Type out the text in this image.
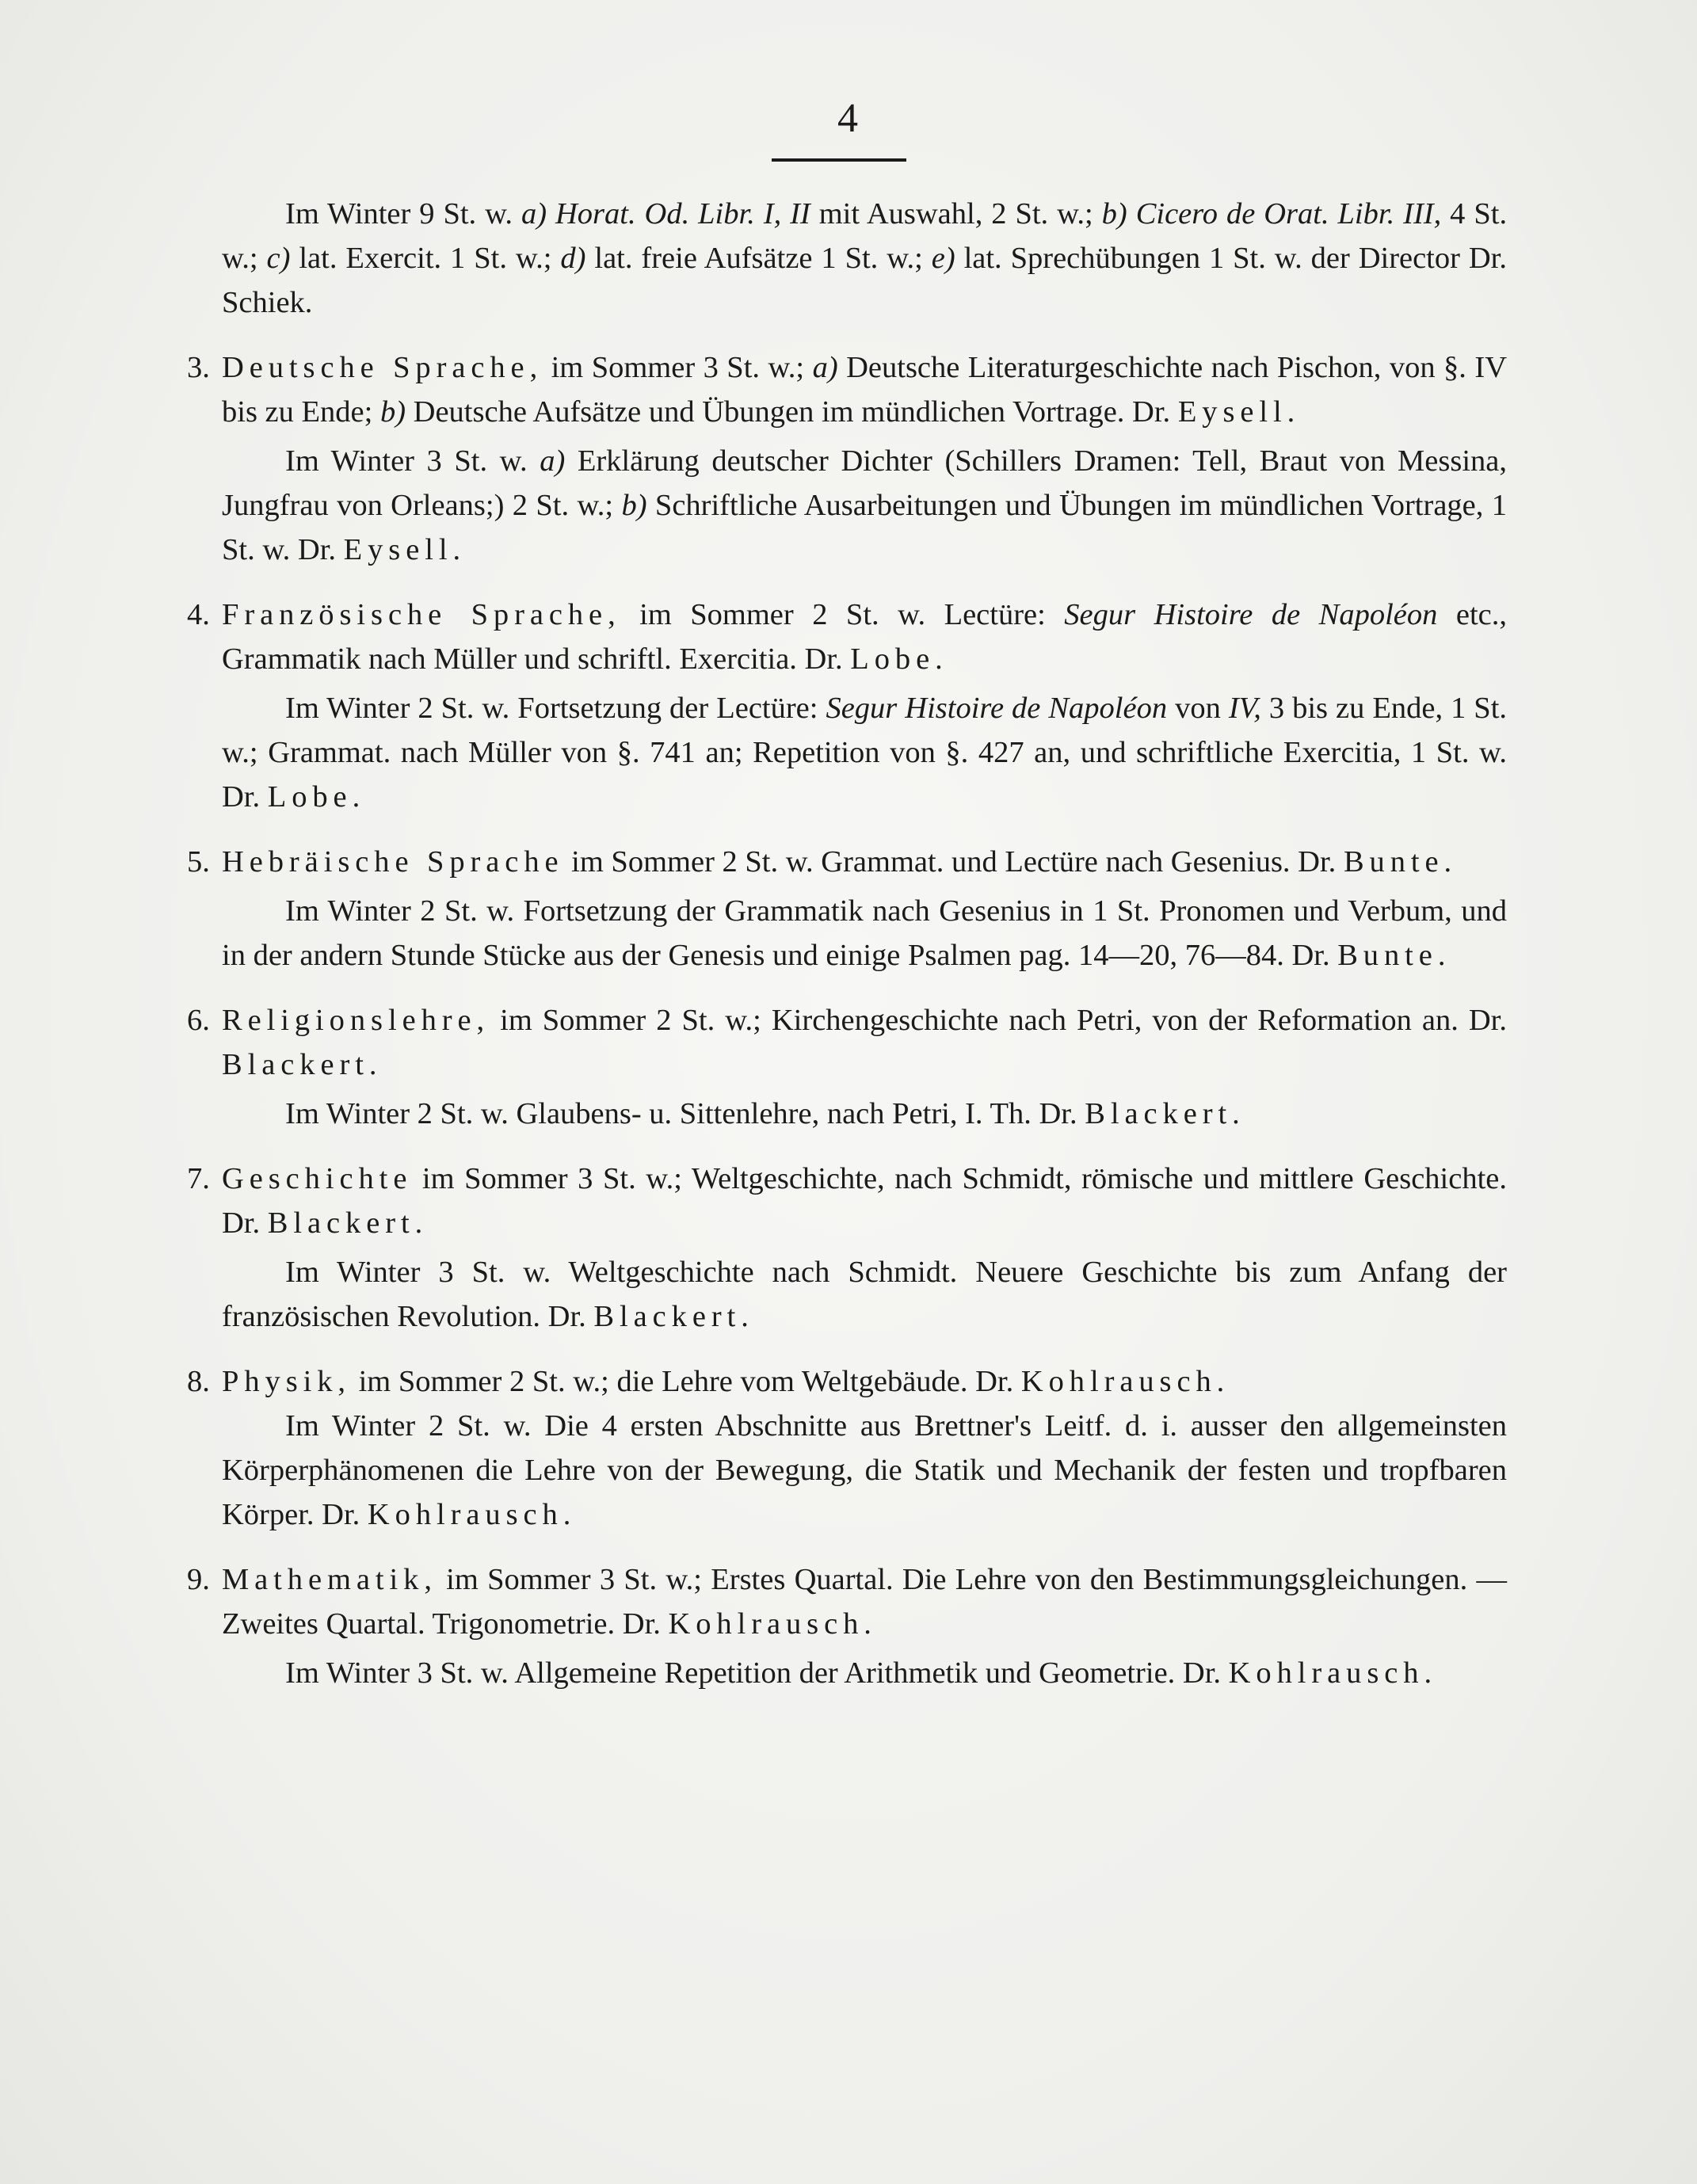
4

Im Winter 9 St. w. a) Horat. Od. Libr. I, II mit Auswahl, 2 St. w.; b) Cicero de Orat. Libr. III, 4 St. w.; c) lat. Exercit. 1 St. w.; d) lat. freie Aufsätze 1 St. w.; e) lat. Sprechübungen 1 St. w. der Director Dr. Schiek.

3. Deutsche Sprache, im Sommer 3 St. w.; a) Deutsche Literaturgeschichte nach Pischon, von §. IV bis zu Ende; b) Deutsche Aufsätze und Übungen im mündlichen Vortrage. Dr. Eysell.

Im Winter 3 St. w. a) Erklärung deutscher Dichter (Schillers Dramen: Tell, Braut von Messina, Jungfrau von Orleans;) 2 St. w.; b) Schriftliche Ausarbeitungen und Übungen im mündlichen Vortrage, 1 St. w. Dr. Eysell.

4. Französische Sprache, im Sommer 2 St. w. Lectüre: Segur Histoire de Napoléon etc., Grammatik nach Müller und schriftl. Exercitia. Dr. Lobe.

Im Winter 2 St. w. Fortsetzung der Lectüre: Segur Histoire de Napoléon von IV, 3 bis zu Ende, 1 St. w.; Grammat. nach Müller von §. 741 an; Repetition von §. 427 an, und schriftliche Exercitia, 1 St. w. Dr. Lobe.

5. Hebräische Sprache im Sommer 2 St. w. Grammat. und Lectüre nach Gesenius. Dr. Bunte.

Im Winter 2 St. w. Fortsetzung der Grammatik nach Gesenius in 1 St. Pronomen und Verbum, und in der andern Stunde Stücke aus der Genesis und einige Psalmen pag. 14—20, 76—84. Dr. Bunte.

6. Religionslehre, im Sommer 2 St. w.; Kirchengeschichte nach Petri, von der Reformation an. Dr. Blackert.

Im Winter 2 St. w. Glaubens- u. Sittenlehre, nach Petri, I. Th. Dr. Blackert.

7. Geschichte im Sommer 3 St. w.; Weltgeschichte, nach Schmidt, römische und mittlere Geschichte. Dr. Blackert.

Im Winter 3 St. w. Weltgeschichte nach Schmidt. Neuere Geschichte bis zum Anfang der französischen Revolution. Dr. Blackert.

8. Physik, im Sommer 2 St. w.; die Lehre vom Weltgebäude. Dr. Kohlrausch.

Im Winter 2 St. w. Die 4 ersten Abschnitte aus Brettner's Leitf. d. i. ausser den allgemeinsten Körperphänomenen die Lehre von der Bewegung, die Statik und Mechanik der festen und tropfbaren Körper. Dr. Kohlrausch.

9. Mathematik, im Sommer 3 St. w.; Erstes Quartal. Die Lehre von den Bestimmungsgleichungen. — Zweites Quartal. Trigonometrie. Dr. Kohlrausch.

Im Winter 3 St. w. Allgemeine Repetition der Arithmetik und Geometrie. Dr. Kohlrausch.
